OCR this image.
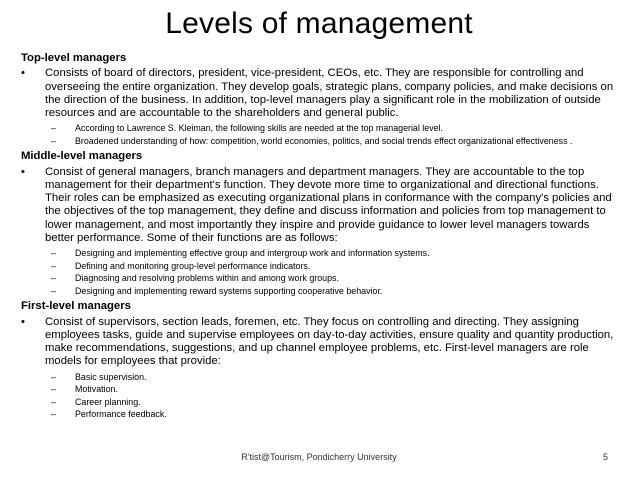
Levels of management
Top-level managers
• Consists of board of directors, president, vice-president, CEOs, etc. They are responsible for controlling and overseeing the entire organization. They develop goals, strategic plans, company policies, and make decisions on the direction of the business. In addition, top-level managers play a significant role in the mobilization of outside resources and are accountable to the shareholders and general public.
– According to Lawrence S. Kleiman, the following skills are needed at the top managerial level.
– Broadened understanding of how: competition, world economies, politics, and social trends effect organizational effectiveness .
Middle-level managers
• Consist of general managers, branch managers and department managers. They are accountable to the top management for their department's function. They devote more time to organizational and directional functions. Their roles can be emphasized as executing organizational plans in conformance with the company's policies and the objectives of the top management, they define and discuss information and policies from top management to lower management, and most importantly they inspire and provide guidance to lower level managers towards better performance. Some of their functions are as follows:
– Designing and implementing effective group and intergroup work and information systems.
– Defining and monitoring group-level performance indicators.
– Diagnosing and resolving problems within and among work groups.
– Designing and implementing reward systems supporting cooperative behavior.
First-level managers
• Consist of supervisors, section leads, foremen, etc. They focus on controlling and directing. They assigning employees tasks, guide and supervise employees on day-to-day activities, ensure quality and quantity production, make recommendations, suggestions, and up channel employee problems, etc. First-level managers are role models for employees that provide:
– Basic supervision.
– Motivation.
– Career planning.
– Performance feedback.
R'tist@Tourism, Pondicherry University	5
